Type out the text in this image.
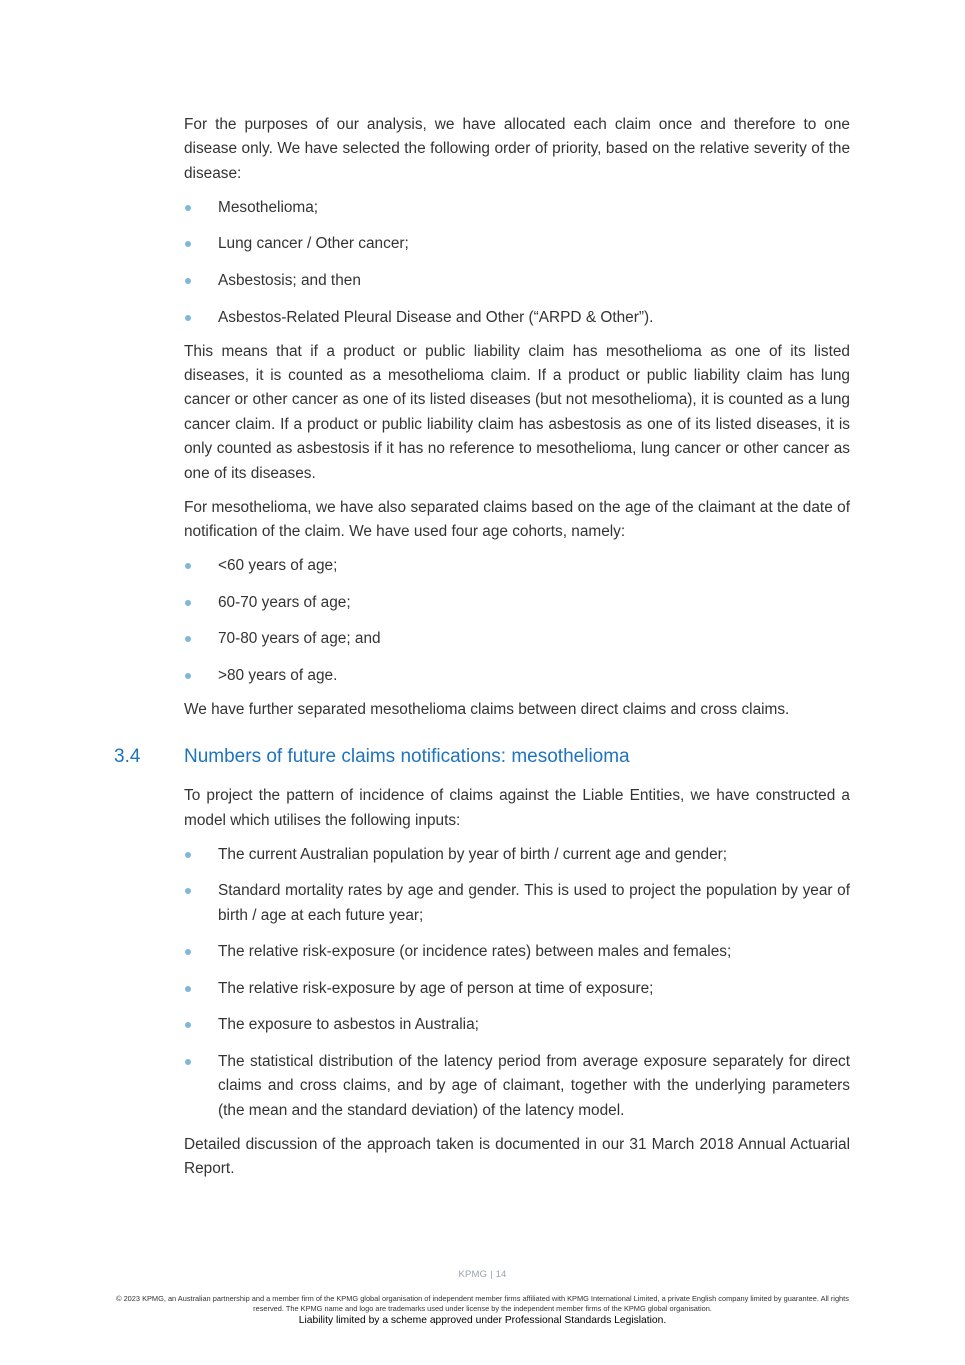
For the purposes of our analysis, we have allocated each claim once and therefore to one disease only. We have selected the following order of priority, based on the relative severity of the disease:

Mesothelioma;
Lung cancer / Other cancer;
Asbestosis; and then
Asbestos-Related Pleural Disease and Other (“ARPD & Other”).

This means that if a product or public liability claim has mesothelioma as one of its listed diseases, it is counted as a mesothelioma claim. If a product or public liability claim has lung cancer or other cancer as one of its listed diseases (but not mesothelioma), it is counted as a lung cancer claim. If a product or public liability claim has asbestosis as one of its listed diseases, it is only counted as asbestosis if it has no reference to mesothelioma, lung cancer or other cancer as one of its diseases.

For mesothelioma, we have also separated claims based on the age of the claimant at the date of notification of the claim. We have used four age cohorts, namely:

<60 years of age;
60-70 years of age;
70-80 years of age; and
>80 years of age.

We have further separated mesothelioma claims between direct claims and cross claims.

3.4 Numbers of future claims notifications: mesothelioma

To project the pattern of incidence of claims against the Liable Entities, we have constructed a model which utilises the following inputs:

The current Australian population by year of birth / current age and gender;
Standard mortality rates by age and gender. This is used to project the population by year of birth / age at each future year;
The relative risk-exposure (or incidence rates) between males and females;
The relative risk-exposure by age of person at time of exposure;
The exposure to asbestos in Australia;
The statistical distribution of the latency period from average exposure separately for direct claims and cross claims, and by age of claimant, together with the underlying parameters (the mean and the standard deviation) of the latency model.

Detailed discussion of the approach taken is documented in our 31 March 2018 Annual Actuarial Report.

KPMG | 14
© 2023 KPMG, an Australian partnership and a member firm of the KPMG global organisation of independent member firms affiliated with KPMG International Limited, a private English company limited by guarantee. All rights reserved. The KPMG name and logo are trademarks used under license by the independent member firms of the KPMG global organisation.
Liability limited by a scheme approved under Professional Standards Legislation.
